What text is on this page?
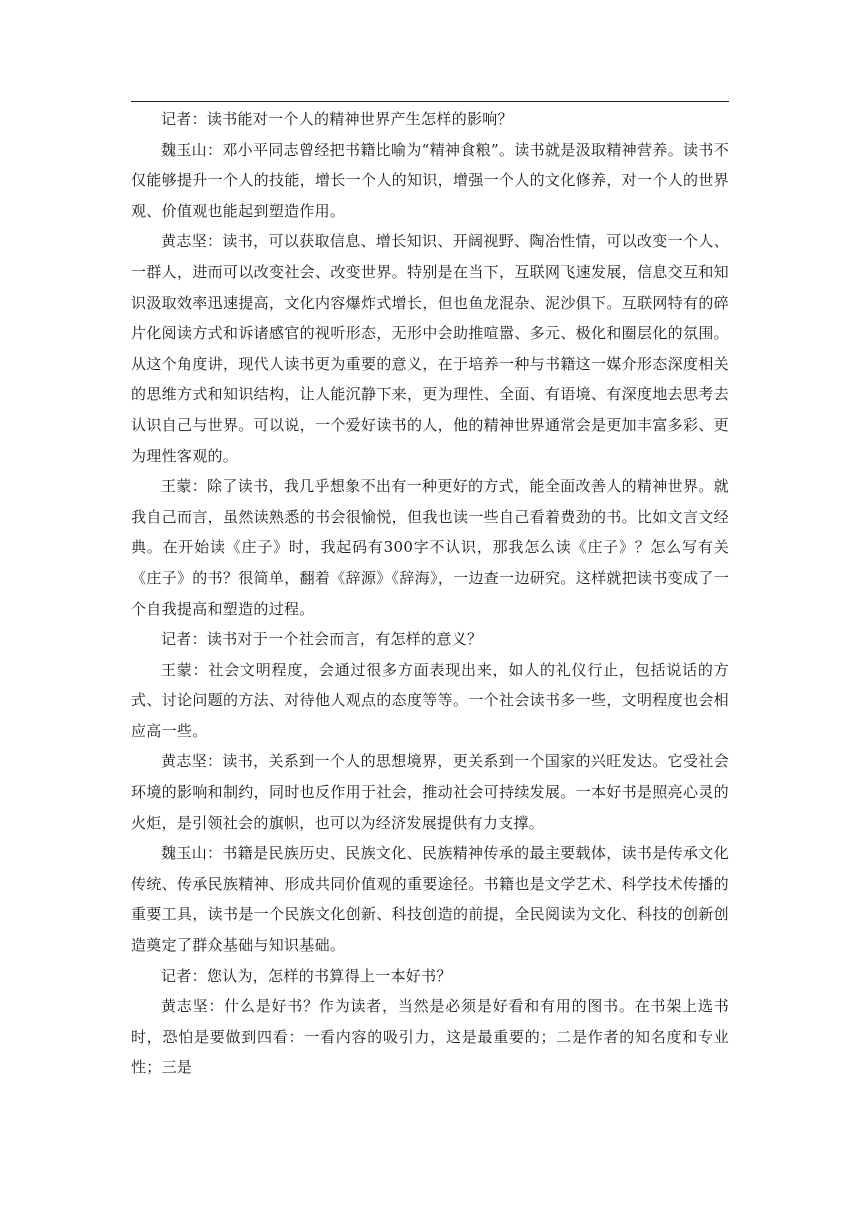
记者：读书能对一个人的精神世界产生怎样的影响？

魏玉山：邓小平同志曾经把书籍比喻为“精神食粮”。读书就是汲取精神营养。读书不仅能够提升一个人的技能，增长一个人的知识，增强一个人的文化修养，对一个人的世界观、价值观也能起到塑造作用。

黄志坚：读书，可以获取信息、增长知识、开阔视野、陶冶性情，可以改变一个人、一群人，进而可以改变社会、改变世界。特别是在当下，互联网飞速发展，信息交互和知识汲取效率迅速提高，文化内容爆炸式增长，但也鱼龙混杂、泥沙俱下。互联网特有的碎片化阅读方式和诉诸感官的视听形态，无形中会助推喧嚣、多元、极化和圈层化的氛围。从这个角度讲，现代人读书更为重要的意义，在于培养一种与书籍这一媒介形态深度相关的思维方式和知识结构，让人能沉静下来，更为理性、全面、有语境、有深度地去思考去认识自己与世界。可以说，一个爱好读书的人，他的精神世界通常会是更加丰富多彩、更为理性客观的。

王蒙：除了读书，我几乎想象不出有一种更好的方式，能全面改善人的精神世界。就我自己而言，虽然读熟悉的书会很愉悦，但我也读一些自己看着费劲的书。比如文言文经典。在开始读《庄子》时，我起码有300字不认识，那我怎么读《庄子》？怎么写有关《庄子》的书？很简单，翻着《辞源》《辞海》，一边查一边研究。这样就把读书变成了一个自我提高和塑造的过程。

记者：读书对于一个社会而言，有怎样的意义？

王蒙：社会文明程度，会通过很多方面表现出来，如人的礼仪行止，包括说话的方式、讨论问题的方法、对待他人观点的态度等等。一个社会读书多一些，文明程度也会相应高一些。

黄志坚：读书，关系到一个人的思想境界，更关系到一个国家的兴旺发达。它受社会环境的影响和制约，同时也反作用于社会，推动社会可持续发展。一本好书是照亮心灵的火炬，是引领社会的旗帜，也可以为经济发展提供有力支撑。

魏玉山：书籍是民族历史、民族文化、民族精神传承的最主要载体，读书是传承文化传统、传承民族精神、形成共同价值观的重要途径。书籍也是文学艺术、科学技术传播的重要工具，读书是一个民族文化创新、科技创造的前提，全民阅读为文化、科技的创新创造奠定了群众基础与知识基础。

记者：您认为，怎样的书算得上一本好书？

黄志坚：什么是好书？作为读者，当然是必须是好看和有用的图书。在书架上选书时，恐怕是要做到四看：一看内容的吸引力，这是最重要的；二是作者的知名度和专业性；三是
